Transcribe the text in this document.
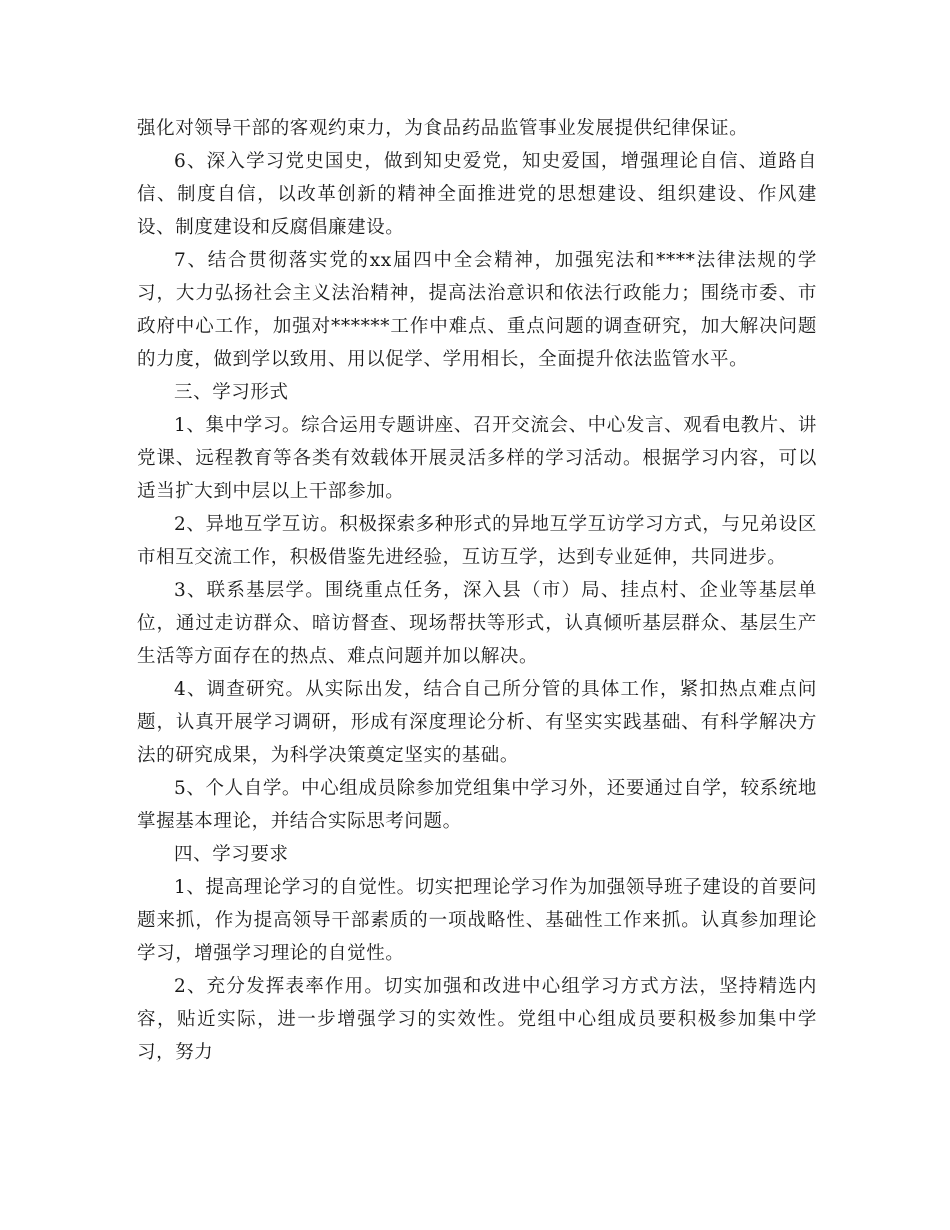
强化对领导干部的客观约束力，为食品药品监管事业发展提供纪律保证。

6、深入学习党史国史，做到知史爱党，知史爱国，增强理论自信、道路自信、制度自信，以改革创新的精神全面推进党的思想建设、组织建设、作风建设、制度建设和反腐倡廉建设。

7、结合贯彻落实党的xx届四中全会精神，加强宪法和****法律法规的学习，大力弘扬社会主义法治精神，提高法治意识和依法行政能力；围绕市委、市政府中心工作，加强对******工作中难点、重点问题的调查研究，加大解决问题的力度，做到学以致用、用以促学、学用相长，全面提升依法监管水平。

三、学习形式

1、集中学习。综合运用专题讲座、召开交流会、中心发言、观看电教片、讲党课、远程教育等各类有效载体开展灵活多样的学习活动。根据学习内容，可以适当扩大到中层以上干部参加。

2、异地互学互访。积极探索多种形式的异地互学互访学习方式，与兄弟设区市相互交流工作，积极借鉴先进经验，互访互学，达到专业延伸，共同进步。

3、联系基层学。围绕重点任务，深入县（市）局、挂点村、企业等基层单位，通过走访群众、暗访督查、现场帮扶等形式，认真倾听基层群众、基层生产生活等方面存在的热点、难点问题并加以解决。

4、调查研究。从实际出发，结合自己所分管的具体工作，紧扣热点难点问题，认真开展学习调研，形成有深度理论分析、有坚实实践基础、有科学解决方法的研究成果，为科学决策奠定坚实的基础。

5、个人自学。中心组成员除参加党组集中学习外，还要通过自学，较系统地掌握基本理论，并结合实际思考问题。

四、学习要求

1、提高理论学习的自觉性。切实把理论学习作为加强领导班子建设的首要问题来抓，作为提高领导干部素质的一项战略性、基础性工作来抓。认真参加理论学习，增强学习理论的自觉性。

2、充分发挥表率作用。切实加强和改进中心组学习方式方法，坚持精选内容，贴近实际，进一步增强学习的实效性。党组中心组成员要积极参加集中学习，努力
